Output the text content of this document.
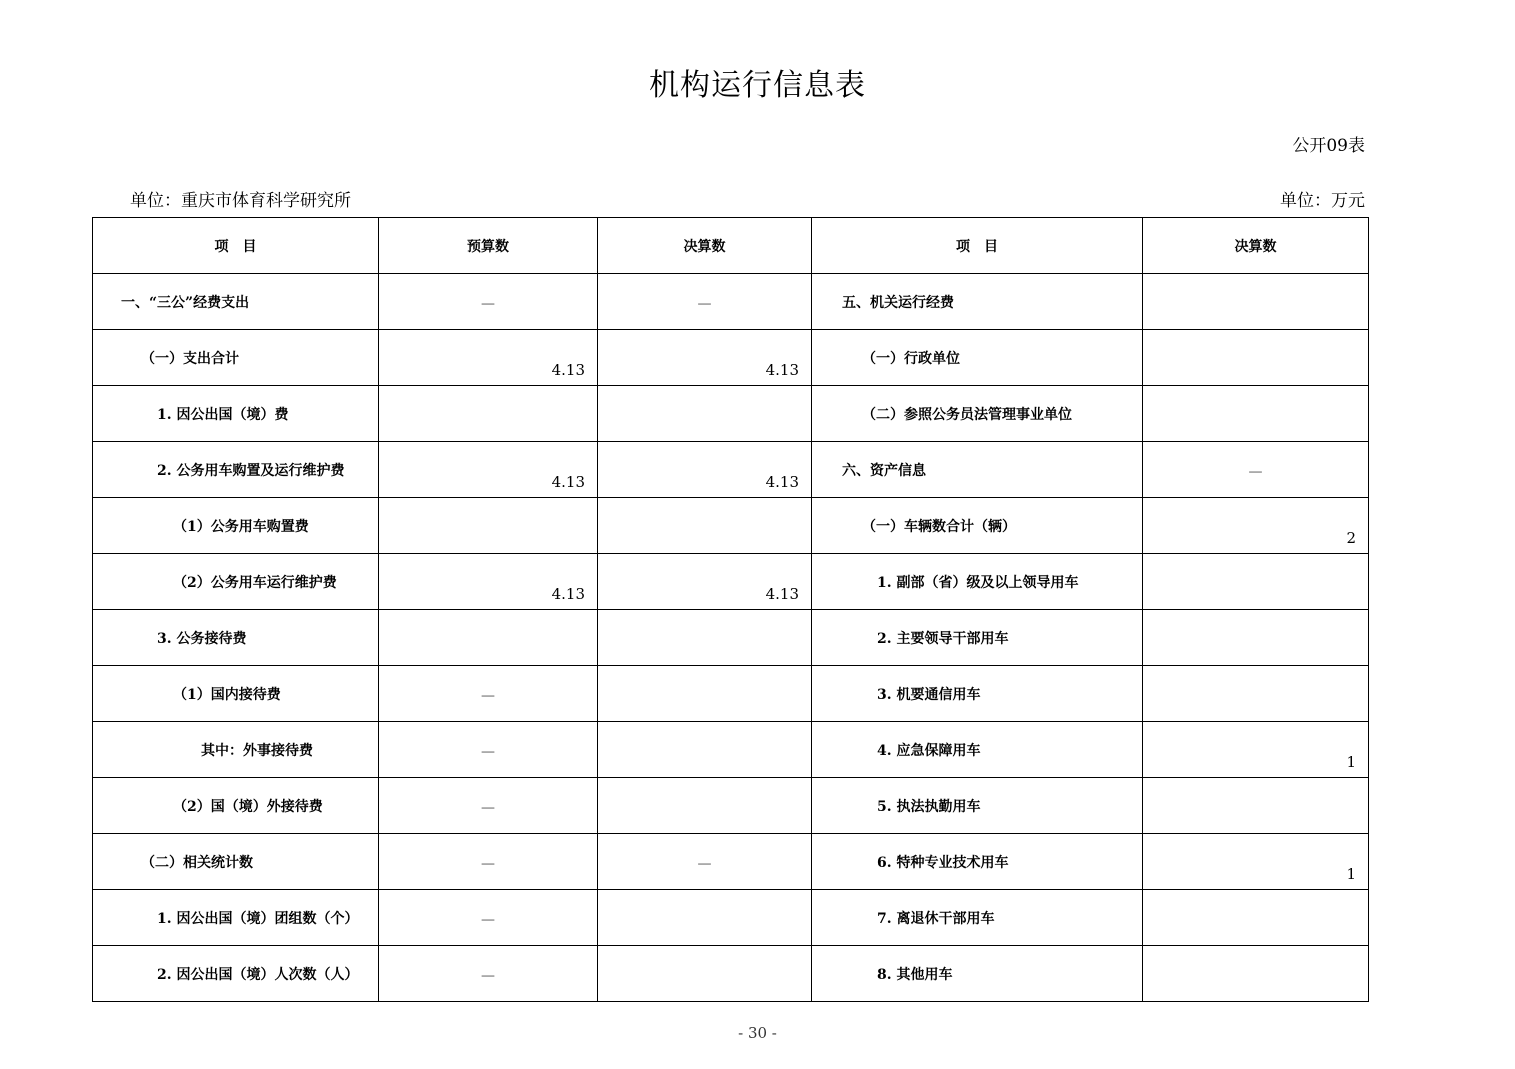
机构运行信息表
公开09表
单位：重庆市体育科学研究所	单位：万元
项　目	预算数	决算数	项　目	决算数
一、“三公”经费支出	—	—	五、机关运行经费	

（一）支出合计	4.13	4.13	（一）行政单位	

1. 因公出国（境）费			（二）参照公务员法管理事业单位	

2. 公务用车购置及运行维护费	4.13	4.13	六、资产信息	—
（1）公务用车购置费			（一）车辆数合计（辆）	2

（2）公务用车运行维护费	4.13	4.13	1. 副部（省）级及以上领导用车	

3. 公务接待费			2. 主要领导干部用车	

（1）国内接待费	—		3. 机要通信用车	

其中：外事接待费	—		4. 应急保障用车	1

（2）国（境）外接待费	—		5. 执法执勤用车	

（二）相关统计数	—	—	6. 特种专业技术用车	1

1. 因公出国（境）团组数（个）	—		7. 离退休干部用车	

2. 因公出国（境）人次数（人）	—		8. 其他用车	
- 30 -
